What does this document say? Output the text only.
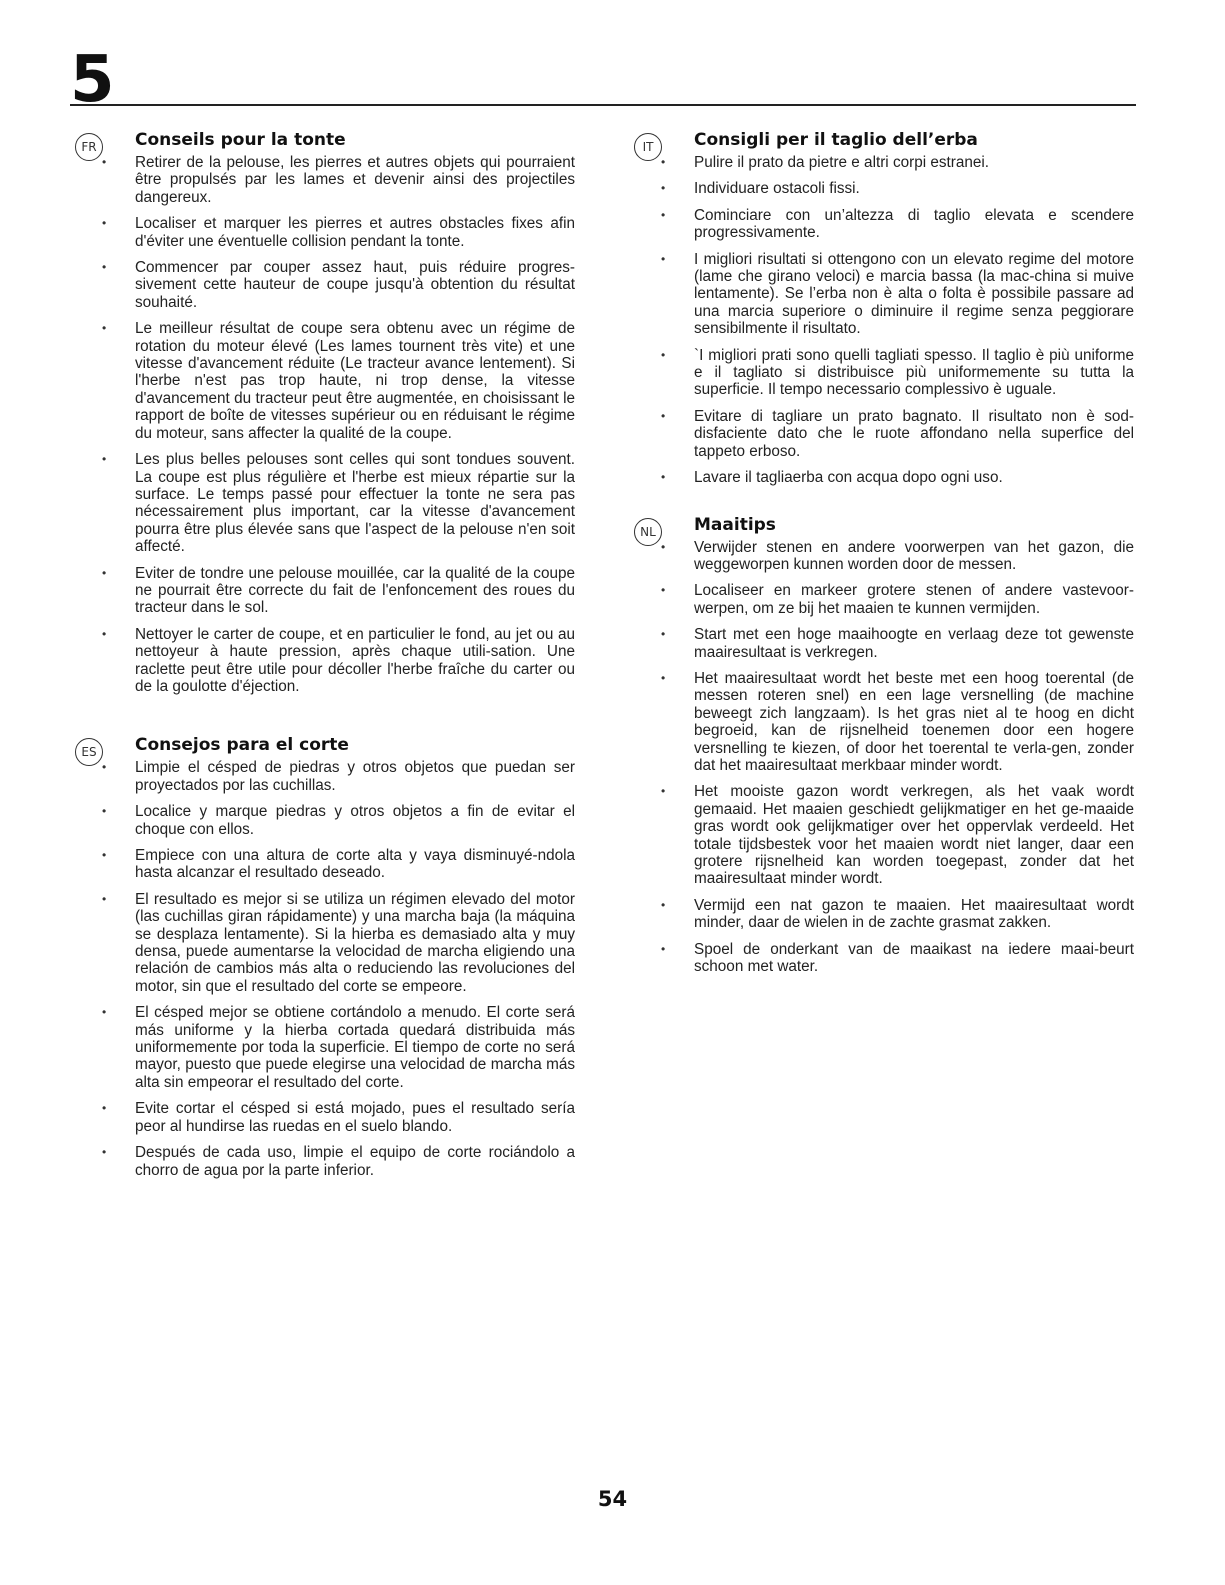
5
FR	Conseils pour la tonte
• Retirer de la pelouse, les pierres et autres objets qui pourraient être propulsés par les lames et devenir ainsi des projectiles dangereux.
• Localiser et marquer les pierres et autres obstacles fixes afin d'éviter une éventuelle collision pendant la tonte.
• Commencer par couper assez haut, puis réduire progres-sivement cette hauteur de coupe jusqu'à obtention du résultat souhaité.
• Le meilleur résultat de coupe sera obtenu avec un régime de rotation du moteur élevé (Les lames tournent très vite) et une vitesse d'avancement réduite (Le tracteur avance lentement). Si l'herbe n'est pas trop haute, ni trop dense, la vitesse d'avancement du tracteur peut être augmentée, en choisissant le rapport de boîte de vitesses supérieur ou en réduisant le régime du moteur, sans affecter la qualité de la coupe.
• Les plus belles pelouses sont celles qui sont tondues souvent. La coupe est plus régulière et l'herbe est mieux répartie sur la surface. Le temps passé pour effectuer la tonte ne sera pas nécessairement plus important, car la vitesse d'avancement pourra être plus élevée sans que l'aspect de la pelouse n'en soit affecté.
• Eviter de tondre une pelouse mouillée, car la qualité de la coupe ne pourrait être correcte du fait de l'enfoncement des roues du tracteur dans le sol.
• Nettoyer le carter de coupe, et en particulier le fond, au jet ou au nettoyeur à haute pression, après chaque utili-sation. Une raclette peut être utile pour décoller l'herbe fraîche du carter ou de la goulotte d'éjection.
ES	Consejos para el corte
• Limpie el césped de piedras y otros objetos que puedan ser proyectados por las cuchillas.
• Localice y marque piedras y otros objetos a fin de evitar el choque con ellos.
• Empiece con una altura de corte alta y vaya disminuyé-ndola hasta alcanzar el resultado deseado.
• El resultado es mejor si se utiliza un régimen elevado del motor (las cuchillas giran rápidamente) y una marcha baja (la máquina se desplaza lentamente). Si la hierba es demasiado alta y muy densa, puede aumentarse la velocidad de marcha eligiendo una relación de cambios más alta o reduciendo las revoluciones del motor, sin que el resultado del corte se empeore.
• El césped mejor se obtiene cortándolo a menudo. El corte será más uniforme y la hierba cortada quedará distribuida más uniformemente por toda la superficie. El tiempo de corte no será mayor, puesto que puede elegirse una velocidad de marcha más alta sin empeorar el resultado del corte.
• Evite cortar el césped si está mojado, pues el resultado sería peor al hundirse las ruedas en el suelo blando.
• Después de cada uso, limpie el equipo de corte rociándolo a chorro de agua por la parte inferior.
IT	Consigli per il taglio dell’erba
• Pulire il prato da pietre e altri corpi estranei.
• Individuare ostacoli fissi.
• Cominciare con un’altezza di taglio elevata e scendere progressivamente.
• I migliori risultati si ottengono con un elevato regime del motore (lame che girano veloci) e marcia bassa (la mac-china si muive lentamente). Se l’erba non è alta o folta è possibile passare ad una marcia superiore o diminuire il regime senza peggiorare sensibilmente il risultato.
• `I migliori prati sono quelli tagliati spesso. Il taglio è più uniforme e il tagliato si distribuisce più uniformemente su tutta la superficie. Il tempo necessario complessivo è uguale.
• Evitare di tagliare un prato bagnato. Il risultato non è sod-disfaciente dato che le ruote affondano nella superfice del tappeto erboso.
• Lavare il tagliaerba con acqua dopo ogni uso.
NL	Maaitips
• Verwijder stenen en andere voorwerpen van het gazon, die weggeworpen kunnen worden door de messen.
• Localiseer en markeer grotere stenen of andere vastevoor-werpen, om ze bij het maaien te kunnen vermijden.
• Start met een hoge maaihoogte en verlaag deze tot gewenste maairesultaat is verkregen.
• Het maairesultaat wordt het beste met een hoog toerental (de messen roteren snel) en een lage versnelling (de machine beweegt zich langzaam). Is het gras niet al te hoog en dicht begroeid, kan de rijsnelheid toenemen door een hogere versnelling te kiezen, of door het toerental te verla-gen, zonder dat het maairesultaat merkbaar minder wordt.
• Het mooiste gazon wordt verkregen, als het vaak wordt gemaaid. Het maaien geschiedt gelijkmatiger en het ge-maaide gras wordt ook gelijkmatiger over het oppervlak verdeeld. Het totale tijdsbestek voor het maaien wordt niet langer, daar een grotere rijsnelheid kan worden toegepast, zonder dat het maairesultaat minder wordt.
• Vermijd een nat gazon te maaien. Het maairesultaat wordt minder, daar de wielen in de zachte grasmat zakken.
• Spoel de onderkant van de maaikast na iedere maai-beurt schoon met water.
54
